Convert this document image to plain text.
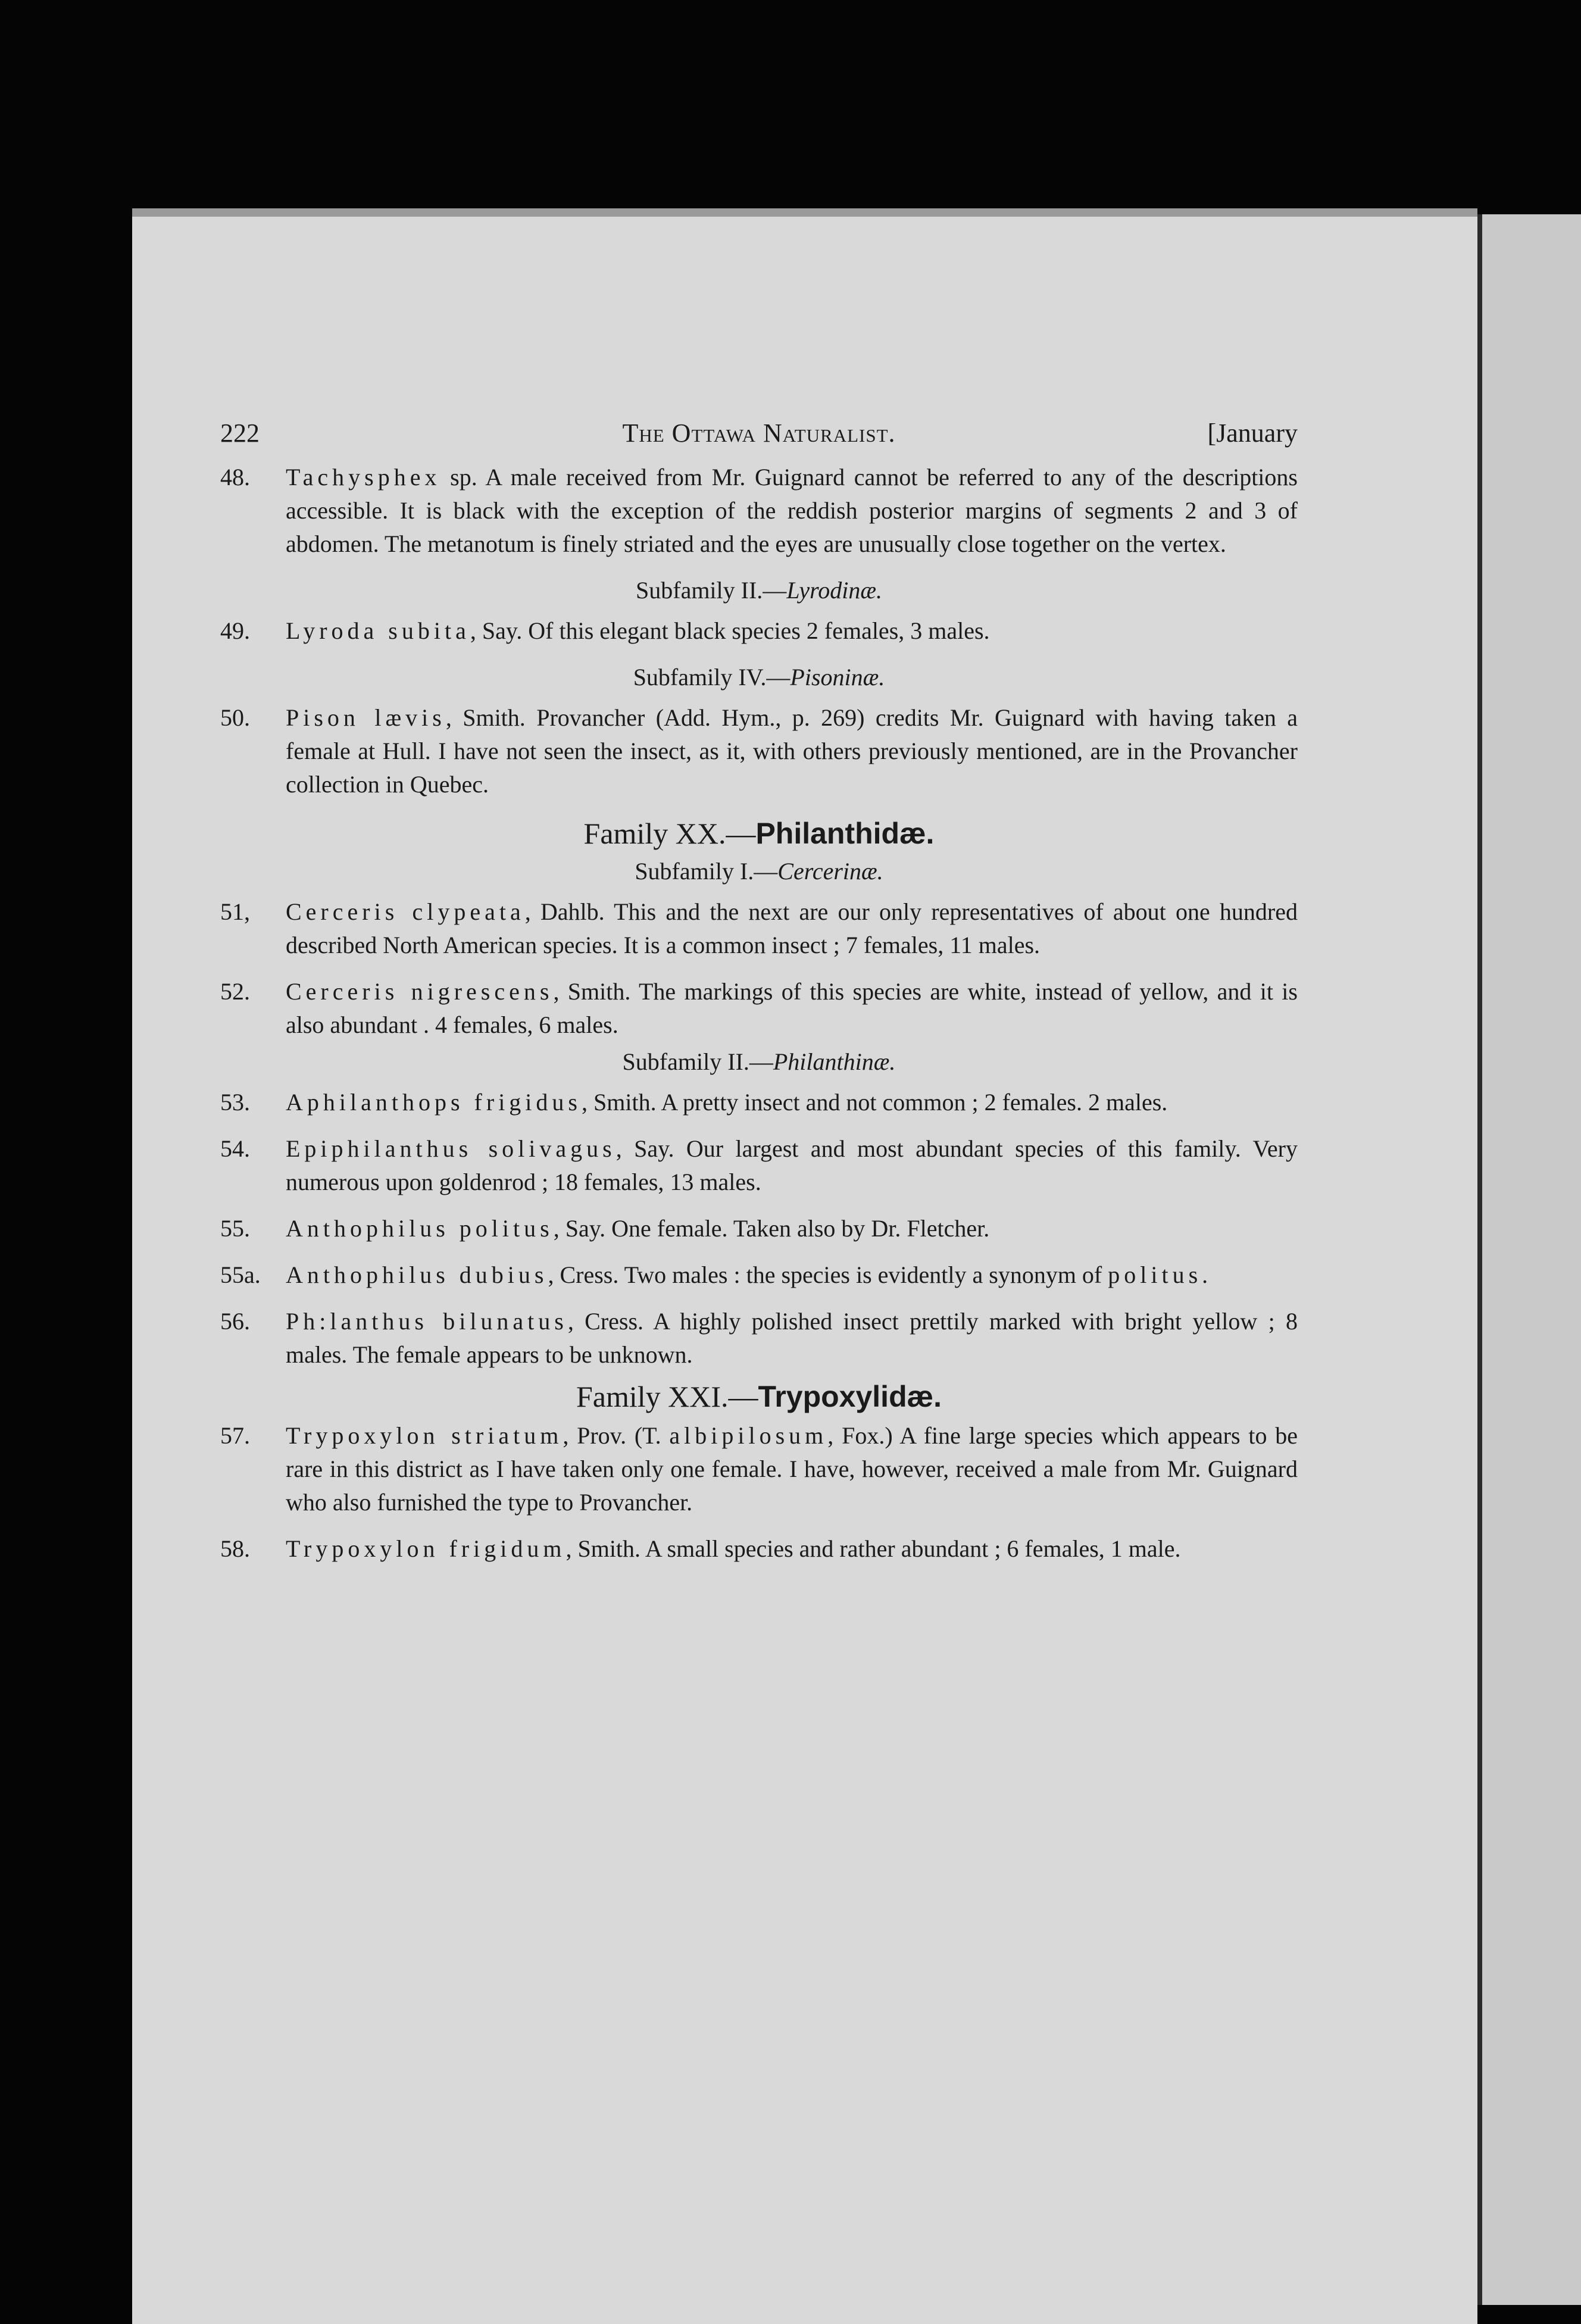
222	The Ottawa Naturalist.	[January
48. Tachysphex sp. A male received from Mr. Guignard cannot be referred to any of the descriptions accessible. It is black with the exception of the reddish posterior margins of segments 2 and 3 of abdomen. The metanotum is finely striated and the eyes are unusually close together on the vertex.
Subfamily II.—Lyrodinæ.
49. Lyroda subita, Say. Of this elegant black species 2 females, 3 males.
Subfamily IV.—Pisoninæ.
50. Pison lævis, Smith. Provancher (Add. Hym., p. 269) credits Mr. Guignard with having taken a female at Hull. I have not seen the insect, as it, with others previously mentioned, are in the Provancher collection in Quebec.
Family XX.—Philanthidæ.
Subfamily I.—Cercerinæ.
51, Cerceris clypeata, Dahlb. This and the next are our only representatives of about one hundred described North American species. It is a common insect ; 7 females, 11 males.
52. Cerceris nigrescens, Smith. The markings of this species are white, instead of yellow, and it is also abundant . 4 females, 6 males.
Subfamily II.—Philanthinæ.
53. Aphilanthops frigidus, Smith. A pretty insect and not common ; 2 females. 2 males.
54. Epiphilanthus solivagus, Say. Our largest and most abundant species of this family. Very numerous upon goldenrod ; 18 females, 13 males.
55. Anthophilus politus, Say. One female. Taken also by Dr. Fletcher.
55a. Anthophilus dubius, Cress. Two males : the species is evidently a synonym of politus.
56. Ph:lanthus bilunatus, Cress. A highly polished insect prettily marked with bright yellow ; 8 males. The female appears to be unknown.
Family XXI.—Trypoxylidæ.
57. Trypoxylon striatum, Prov. (T. albipilosum, Fox.) A fine large species which appears to be rare in this district as I have taken only one female. I have, however, received a male from Mr. Guignard who also furnished the type to Provancher.
58. Trypoxylon frigidum, Smith. A small species and rather abundant ; 6 females, 1 male.
